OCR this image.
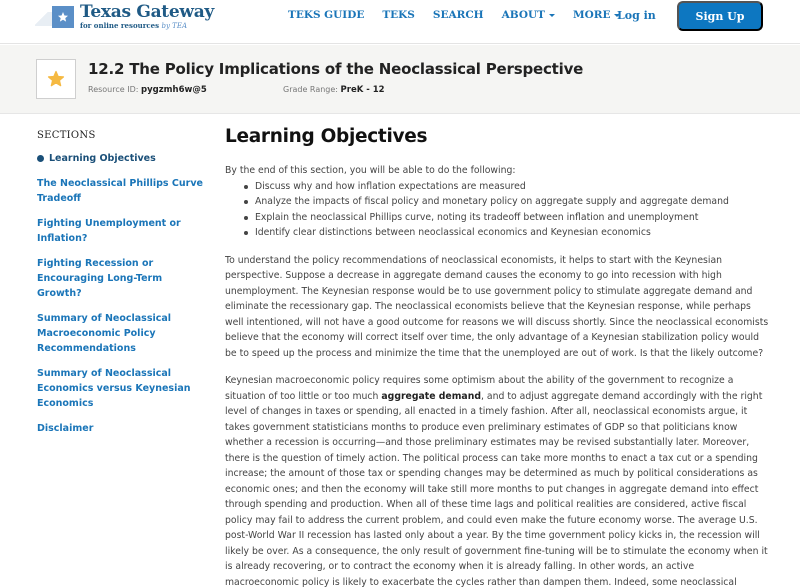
Texas Gateway
for online resources by TEA
TEKS GUIDE TEKS SEARCH ABOUT	MORE Log in	Sign Up
12.2 The Policy Implications of the Neoclassical Perspective
Resource ID: pygzmh6w@5	Grade Range: PreK - 12
SECTIONS
Learning Objectives
The Neoclassical Phillips Curve Tradeoff
Fighting Unemployment or Inflation?
Fighting Recession or Encouraging Long-Term Growth?
Summary of Neoclassical Macroeconomic Policy Recommendations
Summary of Neoclassical Economics versus Keynesian Economics
Disclaimer
Learning Objectives

By the end of this section, you will be able to do the following:

Discuss why and how inflation expectations are measured
Analyze the impacts of fiscal policy and monetary policy on aggregate supply and aggregate demand
Explain the neoclassical Phillips curve, noting its tradeoff between inflation and unemployment
Identify clear distinctions between neoclassical economics and Keynesian economics

To understand the policy recommendations of neoclassical economists, it helps to start with the Keynesian perspective. Suppose a decrease in aggregate demand causes the economy to go into recession with high unemployment. The Keynesian response would be to use government policy to stimulate aggregate demand and eliminate the recessionary gap. The neoclassical economists believe that the Keynesian response, while perhaps well intentioned, will not have a good outcome for reasons we will discuss shortly. Since the neoclassical economists believe that the economy will correct itself over time, the only advantage of a Keynesian stabilization policy would be to speed up the process and minimize the time that the unemployed are out of work. Is that the likely outcome?

Keynesian macroeconomic policy requires some optimism about the ability of the government to recognize a situation of too little or too much aggregate demand, and to adjust aggregate demand accordingly with the right level of changes in taxes or spending, all enacted in a timely fashion. After all, neoclassical economists argue, it takes government statisticians months to produce even preliminary estimates of GDP so that politicians know whether a recession is occurring—and those preliminary estimates may be revised substantially later. Moreover, there is the question of timely action. The political process can take more months to enact a tax cut or a spending increase; the amount of those tax or spending changes may be determined as much by political considerations as economic ones; and then the economy will take still more months to put changes in aggregate demand into effect through spending and production. When all of these time lags and political realities are considered, active fiscal policy may fail to address the current problem, and could even make the future economy worse. The average U.S. post-World War II recession has lasted only about a year. By the time government policy kicks in, the recession will likely be over. As a consequence, the only result of government fine-tuning will be to stimulate the economy when it is already recovering, or to contract the economy when it is already falling. In other words, an active macroeconomic policy is likely to exacerbate the cycles rather than dampen them. Indeed, some neoclassical
